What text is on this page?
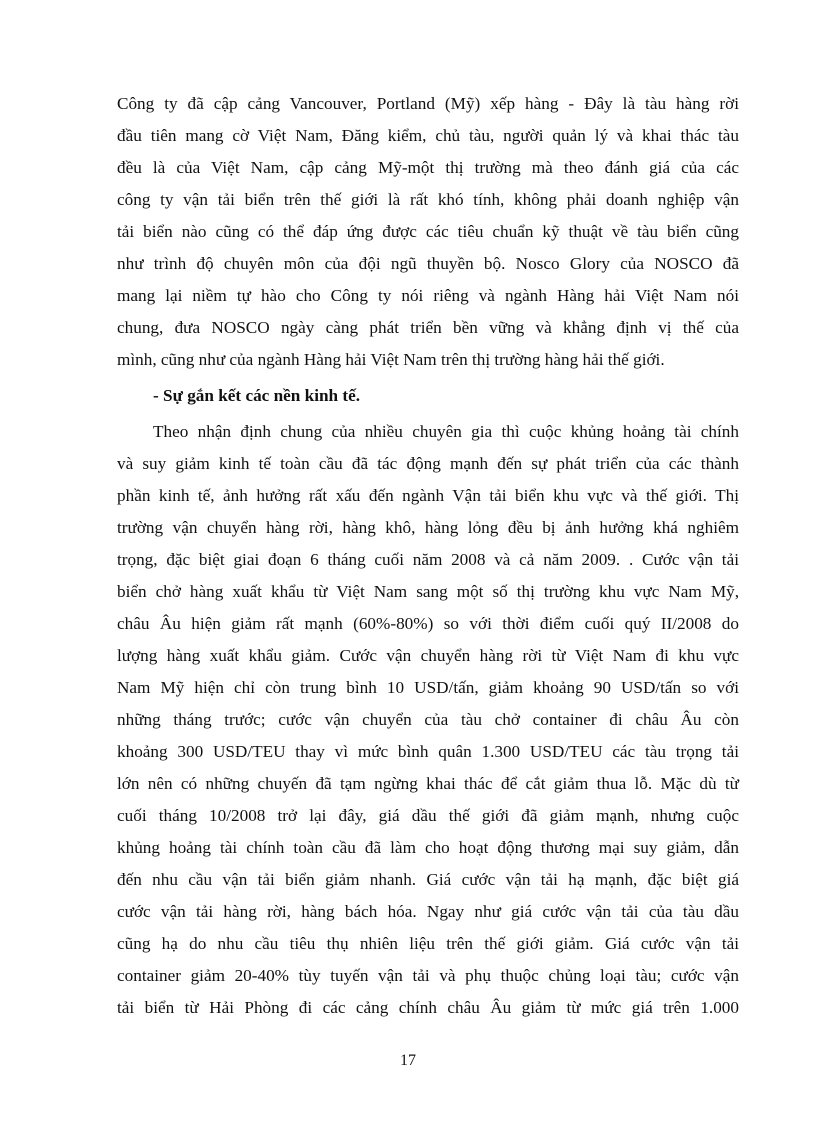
Công ty đã cập cảng Vancouver, Portland (Mỹ) xếp hàng - Đây là tàu hàng rời
đầu tiên mang cờ Việt Nam, Đăng kiểm, chủ tàu, người quản lý và khai thác tàu
đều là của Việt Nam, cập cảng Mỹ-một thị trường mà theo đánh giá của các
công ty vận tải biển trên thế giới là rất khó tính, không phải doanh nghiệp vận
tải biển nào cũng có thể đáp ứng được các tiêu chuẩn kỹ thuật về tàu biển cũng
như trình độ chuyên môn của đội ngũ thuyền bộ. Nosco Glory của NOSCO đã
mang lại niềm tự hào cho Công ty nói riêng và ngành Hàng hải Việt Nam nói
chung, đưa NOSCO ngày càng phát triển bền vững và khẳng định vị thế của
mình, cũng như của ngành Hàng hải Việt Nam trên thị trường hàng hải thế giới.
- Sự gắn kết các nền kinh tế.
Theo nhận định chung của nhiều chuyên gia thì cuộc khủng hoảng tài chính
và suy giảm kinh tế toàn cầu đã tác động mạnh đến sự phát triển của các thành
phần kinh tế, ảnh hưởng rất xấu đến ngành Vận tải biển khu vực và thế giới. Thị
trường vận chuyển hàng rời, hàng khô, hàng lỏng đều bị ảnh hưởng khá nghiêm
trọng, đặc biệt giai đoạn 6 tháng cuối năm 2008 và cả năm 2009. . Cước vận tải
biển chở hàng xuất khẩu từ Việt Nam sang một số thị trường khu vực Nam Mỹ,
châu Âu hiện giảm rất mạnh (60%-80%) so với thời điểm cuối quý II/2008 do
lượng hàng xuất khẩu giảm. Cước vận chuyển hàng rời từ Việt Nam đi khu vực
Nam Mỹ hiện chỉ còn trung bình 10 USD/tấn, giảm khoảng 90 USD/tấn so với
những tháng trước; cước vận chuyển của tàu chở container đi châu Âu còn
khoảng 300 USD/TEU thay vì mức bình quân 1.300 USD/TEU các tàu trọng tải
lớn nên có những chuyến đã tạm ngừng khai thác để cắt giảm thua lỗ. Mặc dù từ
cuối tháng 10/2008 trở lại đây, giá dầu thế giới đã giảm mạnh, nhưng cuộc
khủng hoảng tài chính toàn cầu đã làm cho hoạt động thương mại suy giảm, dẫn
đến nhu cầu vận tải biển giảm nhanh. Giá cước vận tải hạ mạnh, đặc biệt giá
cước vận tải hàng rời, hàng bách hóa. Ngay như giá cước vận tải của tàu dầu
cũng hạ do nhu cầu tiêu thụ nhiên liệu trên thế giới giảm. Giá cước vận tải
container giảm 20-40% tùy tuyến vận tải và phụ thuộc chủng loại tàu; cước vận
tải biển từ Hải Phòng đi các cảng chính châu Âu giảm từ mức giá trên 1.000
17
